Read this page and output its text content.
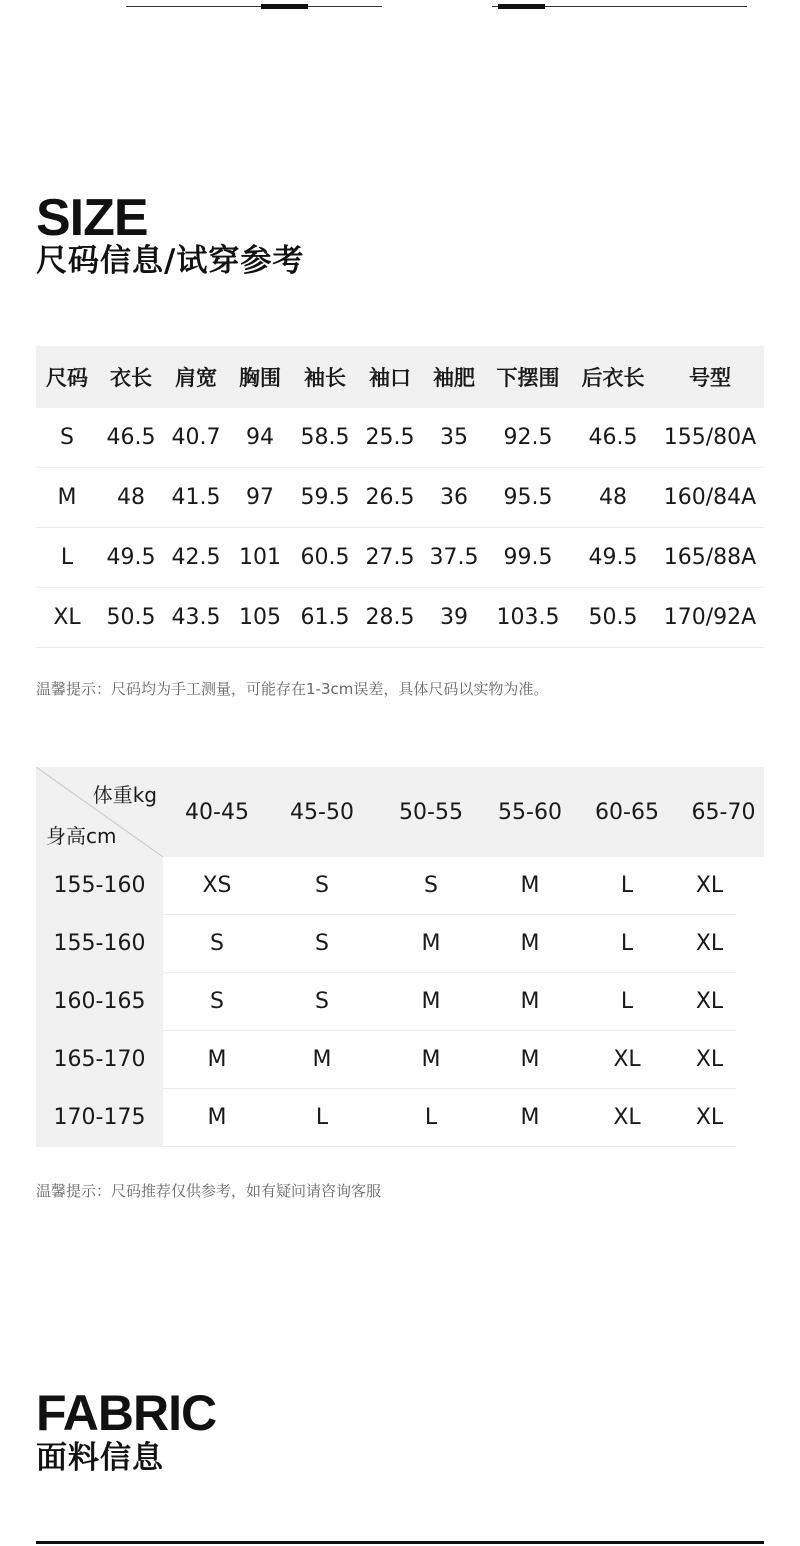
SIZE
尺码信息/试穿参考
尺码	衣长	肩宽	胸围	袖长	袖口	袖肥	下摆围	后衣长	号型
S	46.5	40.7	94	58.5	25.5	35	92.5	46.5	155/80A
M	48	41.5	97	59.5	26.5	36	95.5	48	160/84A
L	49.5	42.5	101	60.5	27.5	37.5	99.5	49.5	165/88A
XL	50.5	43.5	105	61.5	28.5	39	103.5	50.5	170/92A
温馨提示：尺码均为手工测量，可能存在1-3cm误差，具体尺码以实物为准。
体重kg
身高cm	40-45	45-50	50-55	55-60	60-65	65-70	
155-160	XS	S	S	M	L	XL	
155-160	S	S	M	M	L	XL	
160-165	S	S	M	M	L	XL	
165-170	M	M	M	M	XL	XL	
170-175	M	L	L	M	XL	XL	
温馨提示：尺码推荐仅供参考，如有疑问请咨询客服
FABRIC
面料信息
